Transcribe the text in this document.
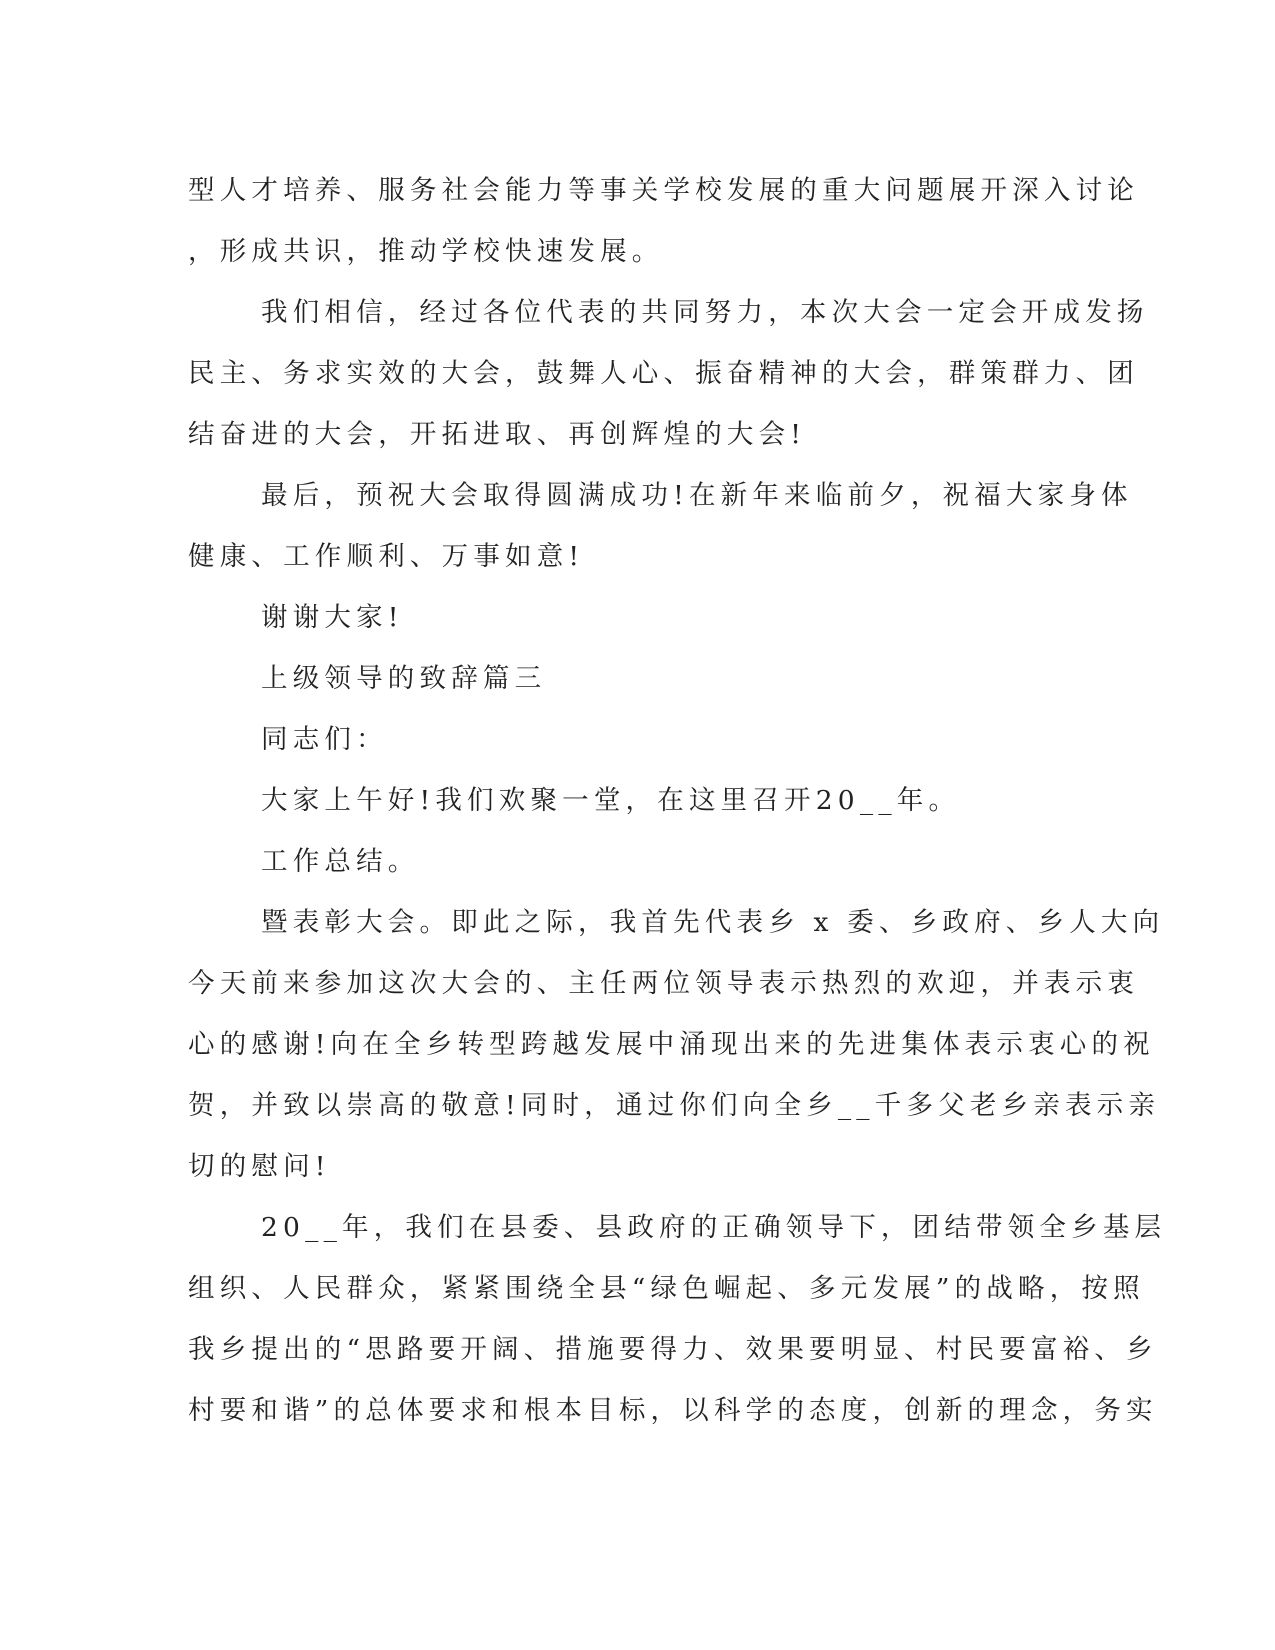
型人才培养、服务社会能力等事关学校发展的重大问题展开深入讨论
，形成共识，推动学校快速发展。
我们相信，经过各位代表的共同努力，本次大会一定会开成发扬
民主、务求实效的大会，鼓舞人心、振奋精神的大会，群策群力、团
结奋进的大会，开拓进取、再创辉煌的大会!
最后，预祝大会取得圆满成功!在新年来临前夕，祝福大家身体
健康、工作顺利、万事如意!
谢谢大家!
上级领导的致辞篇三
同志们：
大家上午好!我们欢聚一堂，在这里召开20__年。
工作总结。
暨表彰大会。即此之际，我首先代表乡 x 委、乡政府、乡人大向
今天前来参加这次大会的、主任两位领导表示热烈的欢迎，并表示衷
心的感谢!向在全乡转型跨越发展中涌现出来的先进集体表示衷心的祝
贺，并致以崇高的敬意!同时，通过你们向全乡__千多父老乡亲表示亲
切的慰问!
20__年，我们在县委、县政府的正确领导下，团结带领全乡基层
组织、人民群众，紧紧围绕全县“绿色崛起、多元发展”的战略，按照
我乡提出的“思路要开阔、措施要得力、效果要明显、村民要富裕、乡
村要和谐”的总体要求和根本目标，以科学的态度，创新的理念，务实
